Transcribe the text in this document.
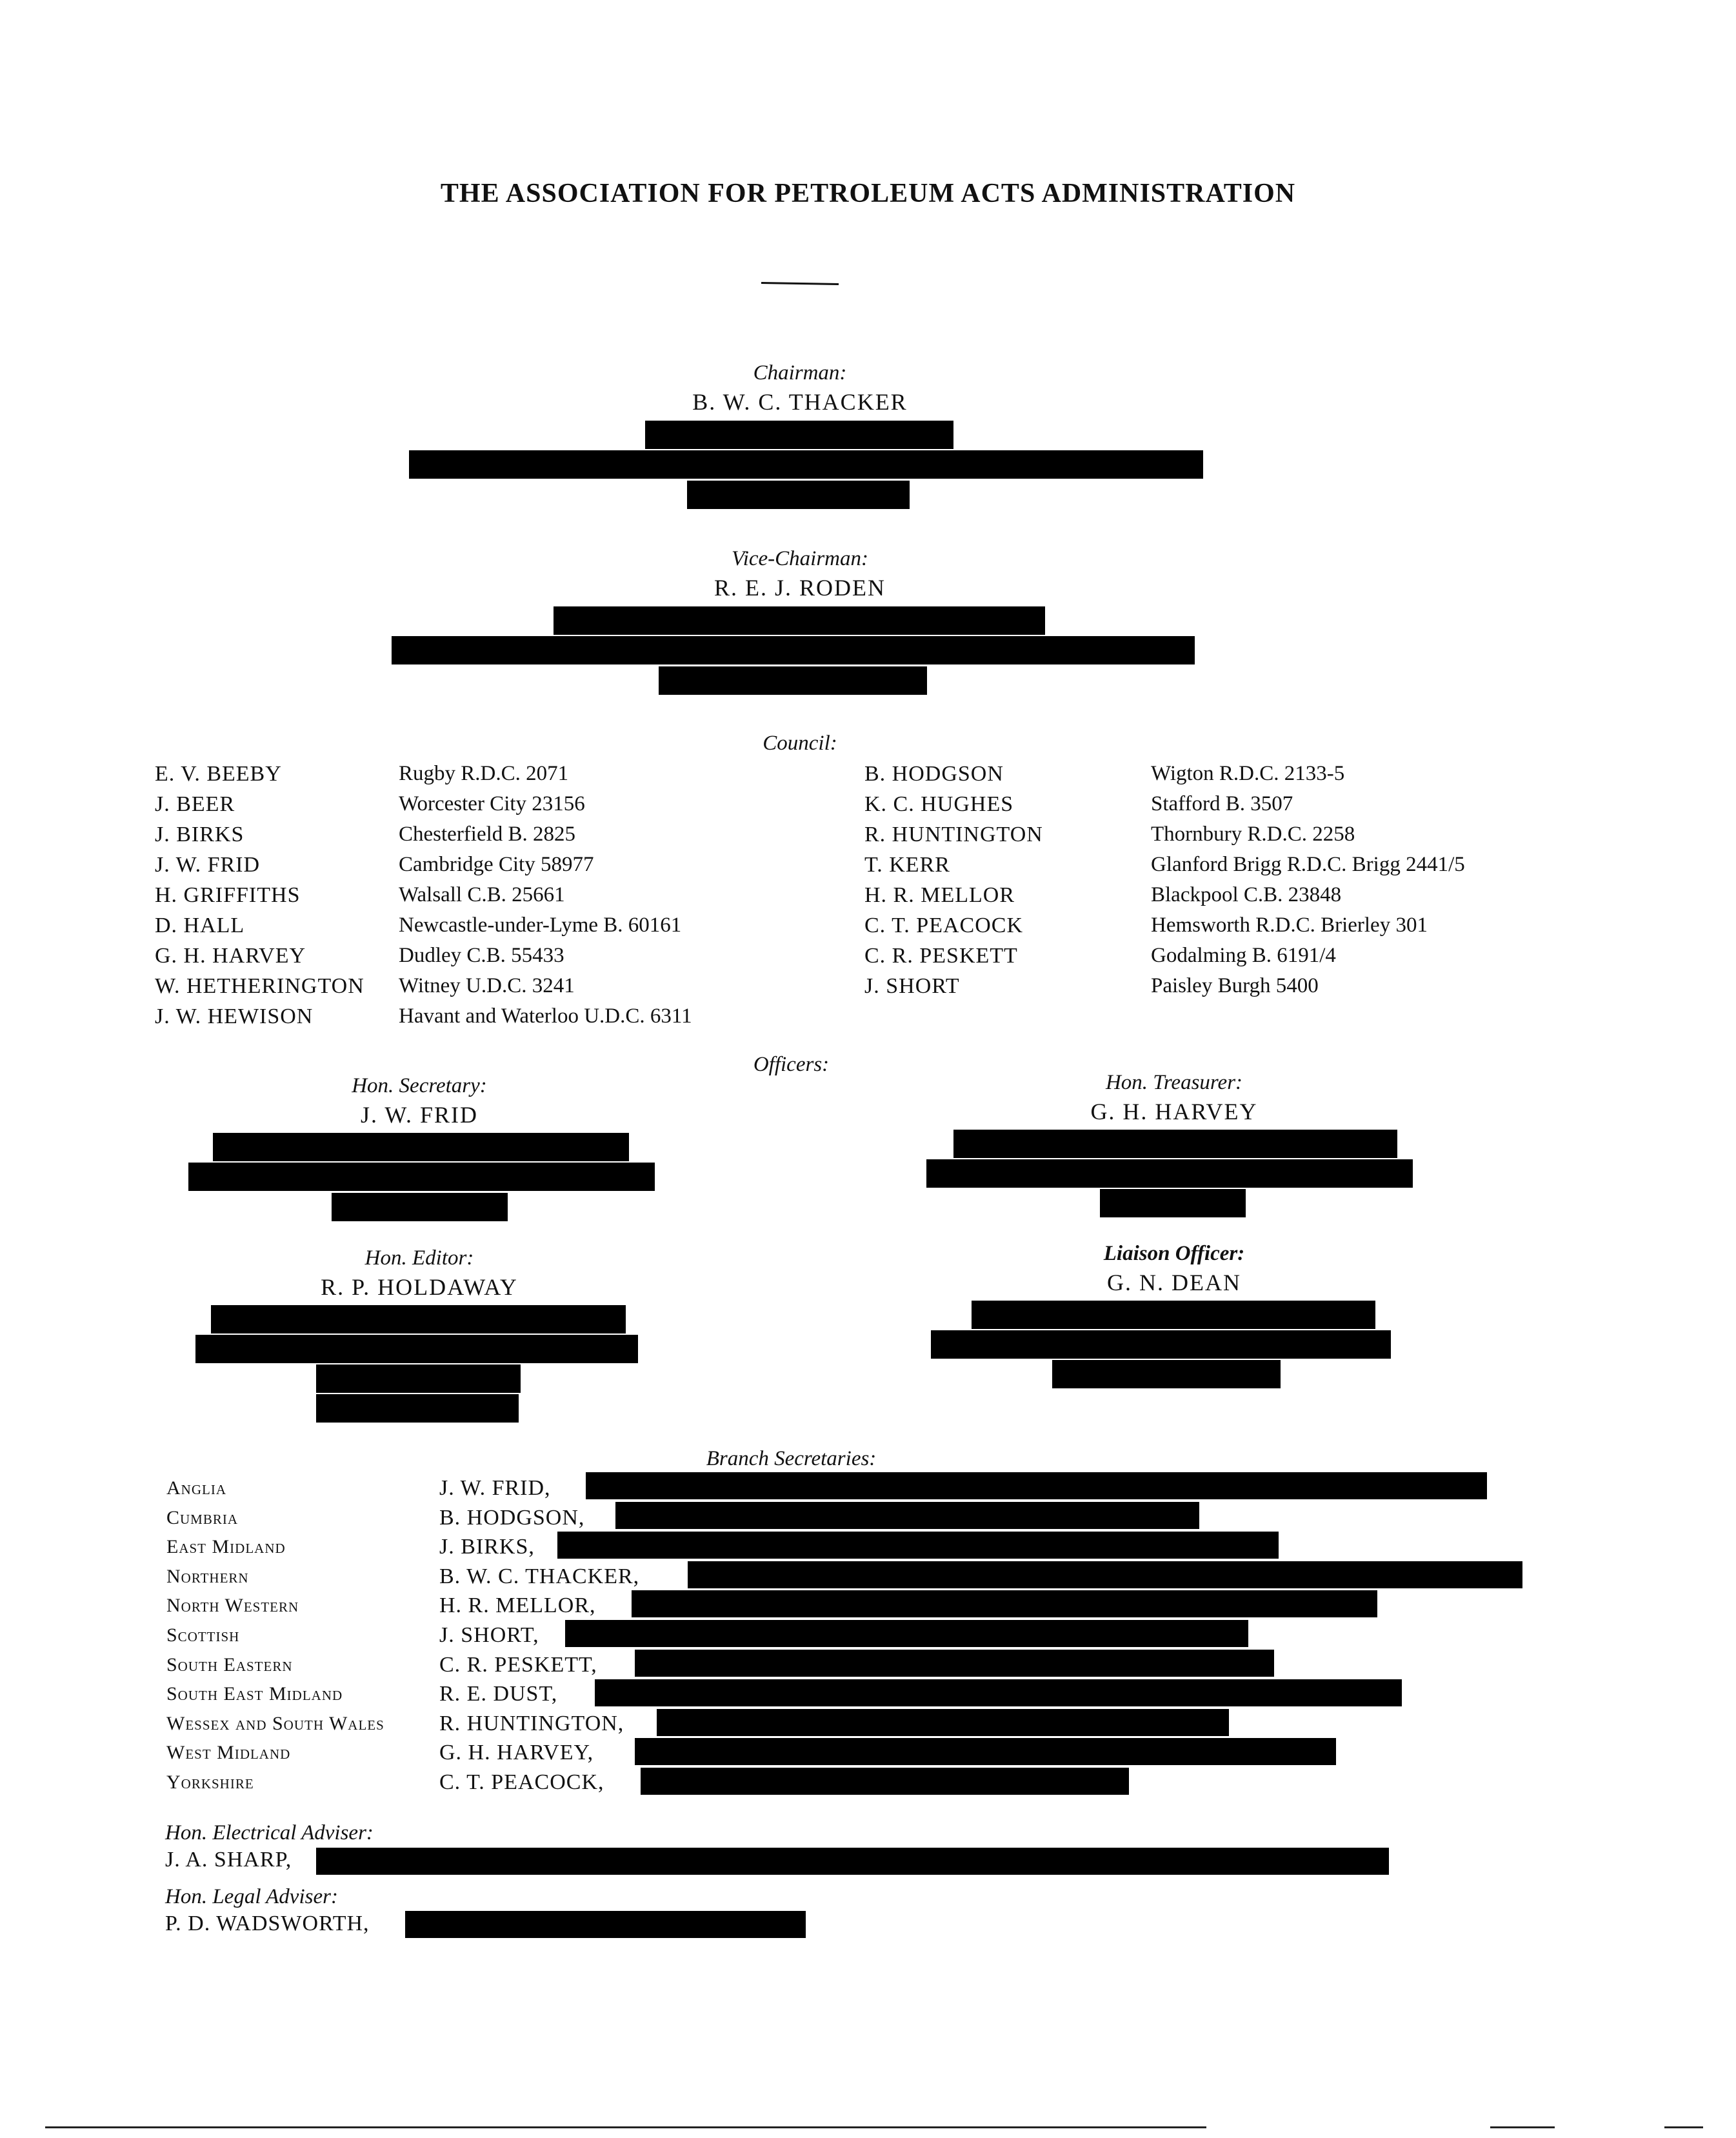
THE ASSOCIATION FOR PETROLEUM ACTS ADMINISTRATION
Chairman:
B. W. C. THACKER
Vice-Chairman:
R. E. J. RODEN
Council:
E. V. BEEBY
J. BEER
J. BIRKS
J. W. FRID
H. GRIFFITHS
D. HALL
G. H. HARVEY
W. HETHERINGTON
J. W. HEWISON
Rugby R.D.C. 2071
Worcester City 23156
Chesterfield B. 2825
Cambridge City 58977
Walsall C.B. 25661
Newcastle-under-Lyme B. 60161
Dudley C.B. 55433
Witney U.D.C. 3241
Havant and Waterloo U.D.C. 6311
B. HODGSON
K. C. HUGHES
R. HUNTINGTON
T. KERR
H. R. MELLOR
C. T. PEACOCK
C. R. PESKETT
J. SHORT
Wigton R.D.C. 2133-5
Stafford B. 3507
Thornbury R.D.C. 2258
Glanford Brigg R.D.C. Brigg 2441/5
Blackpool C.B. 23848
Hemsworth R.D.C. Brierley 301
Godalming B. 6191/4
Paisley Burgh 5400
Officers:
Hon. Secretary:
J. W. FRID
Hon. Treasurer:
G. H. HARVEY
Hon. Editor:
R. P. HOLDAWAY
Liaison Officer:
G. N. DEAN
Branch Secretaries:
Anglia
Cumbria
East Midland
Northern
North Western
Scottish
South Eastern
South East Midland
Wessex and South Wales
West Midland
Yorkshire
J. W. FRID,
B. HODGSON,
J. BIRKS,
B. W. C. THACKER,
H. R. MELLOR,
J. SHORT,
C. R. PESKETT,
R. E. DUST,
R. HUNTINGTON,
G. H. HARVEY,
C. T. PEACOCK,
Hon. Electrical Adviser:
J. A. SHARP,
Hon. Legal Adviser:
P. D. WADSWORTH,
